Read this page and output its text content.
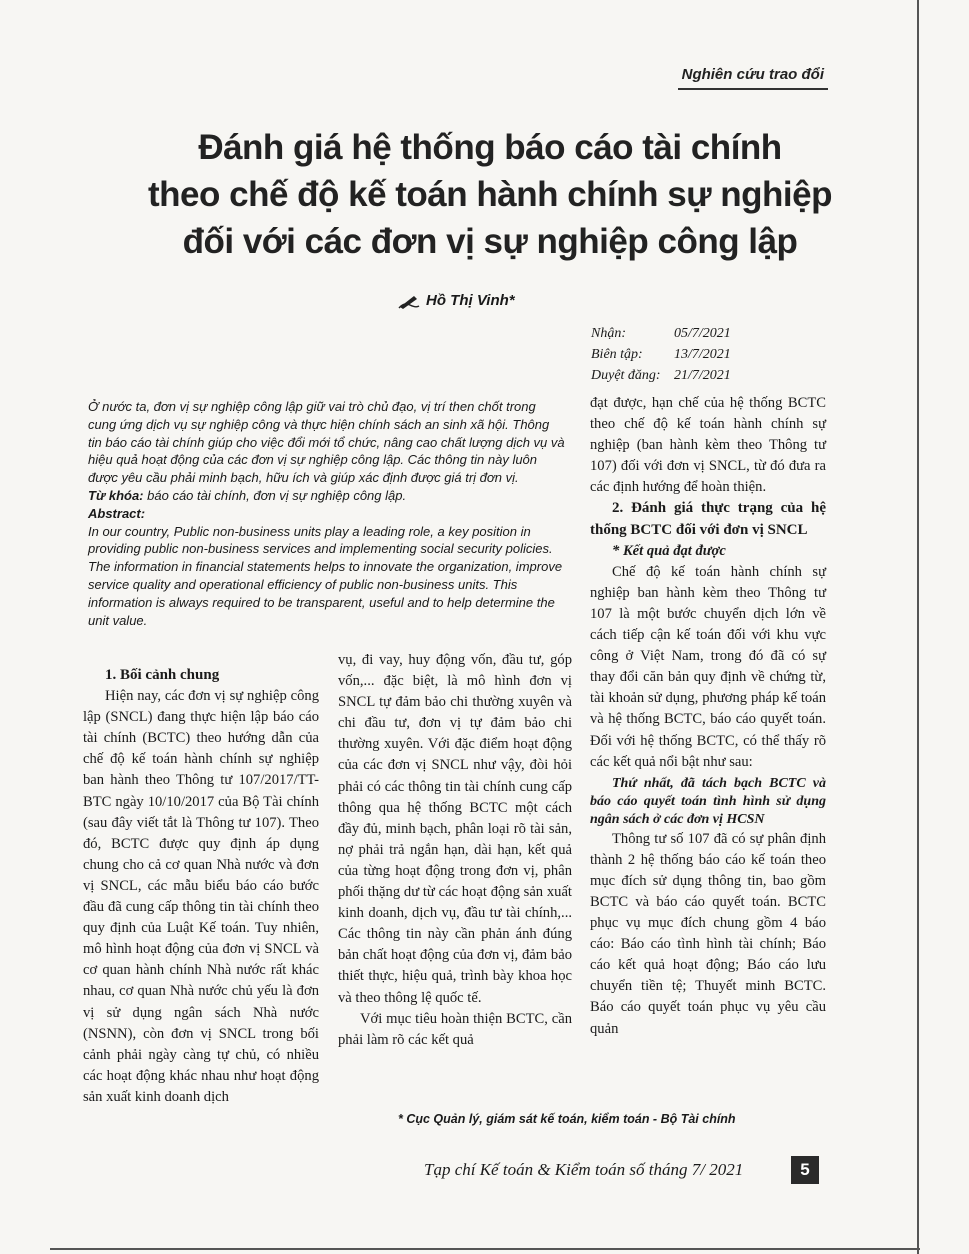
Nghiên cứu trao đổi
Đánh giá hệ thống báo cáo tài chính
theo chế độ kế toán hành chính sự nghiệp
đối với các đơn vị sự nghiệp công lập
Hồ Thị Vinh*
Nhận:	05/7/2021
Biên tập:	13/7/2021
Duyệt đăng: 21/7/2021

Ở nước ta, đơn vị sự nghiệp công lập giữ vai trò chủ đạo, vị trí then chốt trong cung ứng dịch vụ sự nghiệp công và thực hiện chính sách an sinh xã hội. Thông tin báo cáo tài chính giúp cho việc đổi mới tổ chức, nâng cao chất lượng dịch vụ và hiệu quả hoạt động của các đơn vị sự nghiệp công lập. Các thông tin này luôn được yêu cầu phải minh bạch, hữu ích và giúp xác định được giá trị đơn vị.

Từ khóa: báo cáo tài chính, đơn vị sự nghiệp công lập.

Abstract:

In our country, Public non-business units play a leading role, a key position in providing public non-business services and implementing social security policies. The information in financial statements helps to innovate the organization, improve service quality and operational efficiency of public non-business units. This information is always required to be transparent, useful and to help determine the unit value.

1. Bối cảnh chung

Hiện nay, các đơn vị sự nghiệp công lập (SNCL) đang thực hiện lập báo cáo tài chính (BCTC) theo hướng dẫn của chế độ kế toán hành chính sự nghiệp ban hành theo Thông tư 107/2017/TT-BTC ngày 10/10/2017 của Bộ Tài chính (sau đây viết tắt là Thông tư 107). Theo đó, BCTC được quy định áp dụng chung cho cả cơ quan Nhà nước và đơn vị SNCL, các mẫu biểu báo cáo bước đầu đã cung cấp thông tin tài chính theo quy định của Luật Kế toán. Tuy nhiên, mô hình hoạt động của đơn vị SNCL và cơ quan hành chính Nhà nước rất khác nhau, cơ quan Nhà nước chủ yếu là đơn vị sử dụng ngân sách Nhà nước (NSNN), còn đơn vị SNCL trong bối cảnh phải ngày càng tự chủ, có nhiều các hoạt động khác nhau như hoạt động sản xuất kinh doanh dịch

vụ, đi vay, huy động vốn, đầu tư, góp vốn,... đặc biệt, là mô hình đơn vị SNCL tự đảm bảo chi thường xuyên và chi đầu tư, đơn vị tự đảm bảo chi thường xuyên. Với đặc điểm hoạt động của các đơn vị SNCL như vậy, đòi hỏi phải có các thông tin tài chính cung cấp thông qua hệ thống BCTC một cách đầy đủ, minh bạch, phân loại rõ tài sản, nợ phải trả ngắn hạn, dài hạn, kết quả của từng hoạt động trong đơn vị, phân phối thặng dư từ các hoạt động sản xuất kinh doanh, dịch vụ, đầu tư tài chính,... Các thông tin này cần phản ánh đúng bản chất hoạt động của đơn vị, đảm bảo thiết thực, hiệu quả, trình bày khoa học và theo thông lệ quốc tế.

Với mục tiêu hoàn thiện BCTC, cần phải làm rõ các kết quả

đạt được, hạn chế của hệ thống BCTC theo chế độ kế toán hành chính sự nghiệp (ban hành kèm theo Thông tư 107) đối với đơn vị SNCL, từ đó đưa ra các định hướng để hoàn thiện.

2. Đánh giá thực trạng của hệ thống BCTC đối với đơn vị SNCL

* Kết quả đạt được

Chế độ kế toán hành chính sự nghiệp ban hành kèm theo Thông tư 107 là một bước chuyển dịch lớn về cách tiếp cận kế toán đối với khu vực công ở Việt Nam, trong đó đã có sự thay đổi căn bản quy định về chứng từ, tài khoản sử dụng, phương pháp kế toán và hệ thống BCTC, báo cáo quyết toán. Đối với hệ thống BCTC, có thể thấy rõ các kết quả nổi bật như sau:

Thứ nhất, đã tách bạch BCTC và báo cáo quyết toán tình hình sử dụng ngân sách ở các đơn vị HCSN

Thông tư số 107 đã có sự phân định thành 2 hệ thống báo cáo kế toán theo mục đích sử dụng thông tin, bao gồm BCTC và báo cáo quyết toán. BCTC phục vụ mục đích chung gồm 4 báo cáo: Báo cáo tình hình tài chính; Báo cáo kết quả hoạt động; Báo cáo lưu chuyển tiền tệ; Thuyết minh BCTC. Báo cáo quyết toán phục vụ yêu cầu quản

* Cục Quản lý, giám sát kế toán, kiểm toán - Bộ Tài chính
Tạp chí Kế toán & Kiểm toán số tháng 7/ 2021	5
